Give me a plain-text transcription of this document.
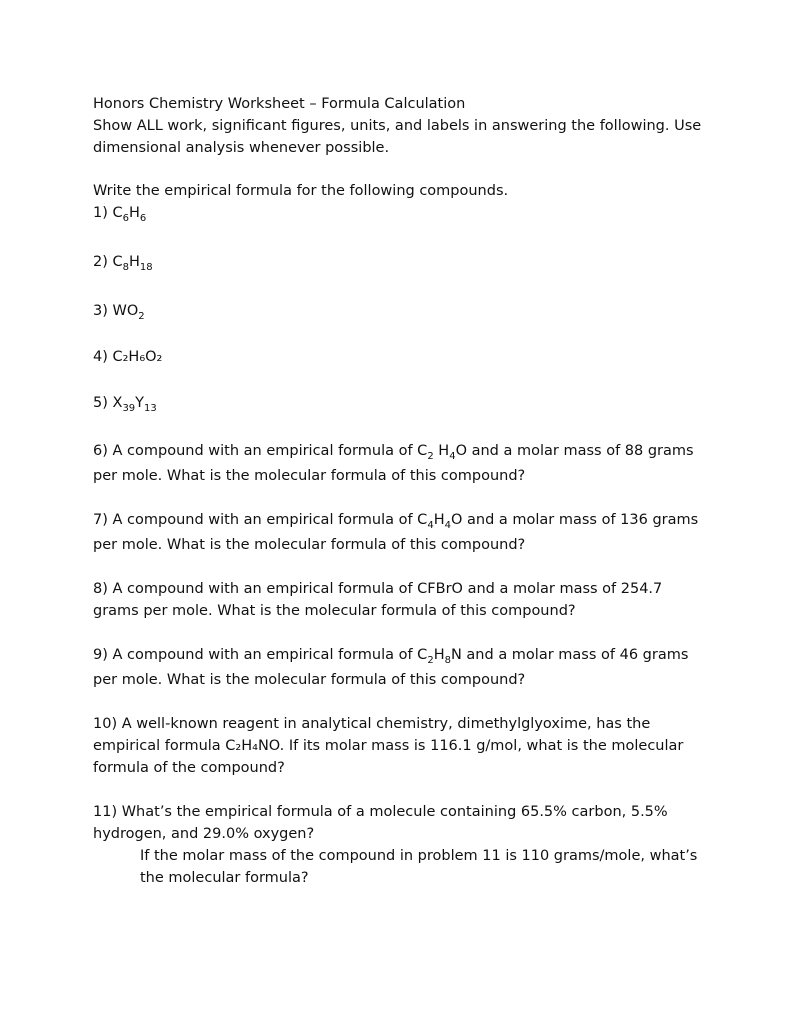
Honors Chemistry Worksheet – Formula Calculation
Show ALL work, significant figures, units, and labels in answering the following. Use
dimensional analysis whenever possible.
Write the empirical formula for the following compounds.
1) $C_6H_6$
2) $C_8H_{18}$
3) $WO_2$
4) C₂H₆O₂
5) $X_{39}Y_{13}$
6) A compound with an empirical formula of $C_2$ $H_4O$ and a molar mass of 88 grams
per mole. What is the molecular formula of this compound?
7) A compound with an empirical formula of $C_4H_4O$ and a molar mass of 136 grams
per mole. What is the molecular formula of this compound?
8) A compound with an empirical formula of CFBrO and a molar mass of 254.7
grams per mole. What is the molecular formula of this compound?
9) A compound with an empirical formula of $C_2H_8N$ and a molar mass of 46 grams
per mole. What is the molecular formula of this compound?
10) A well-known reagent in analytical chemistry, dimethylglyoxime, has the
empirical formula C₂H₄NO. If its molar mass is 116.1 g/mol, what is the molecular
formula of the compound?
11) What’s the empirical formula of a molecule containing 65.5% carbon, 5.5%
hydrogen, and 29.0% oxygen?
If the molar mass of the compound in problem 11 is 110 grams/mole, what’s
the molecular formula?
